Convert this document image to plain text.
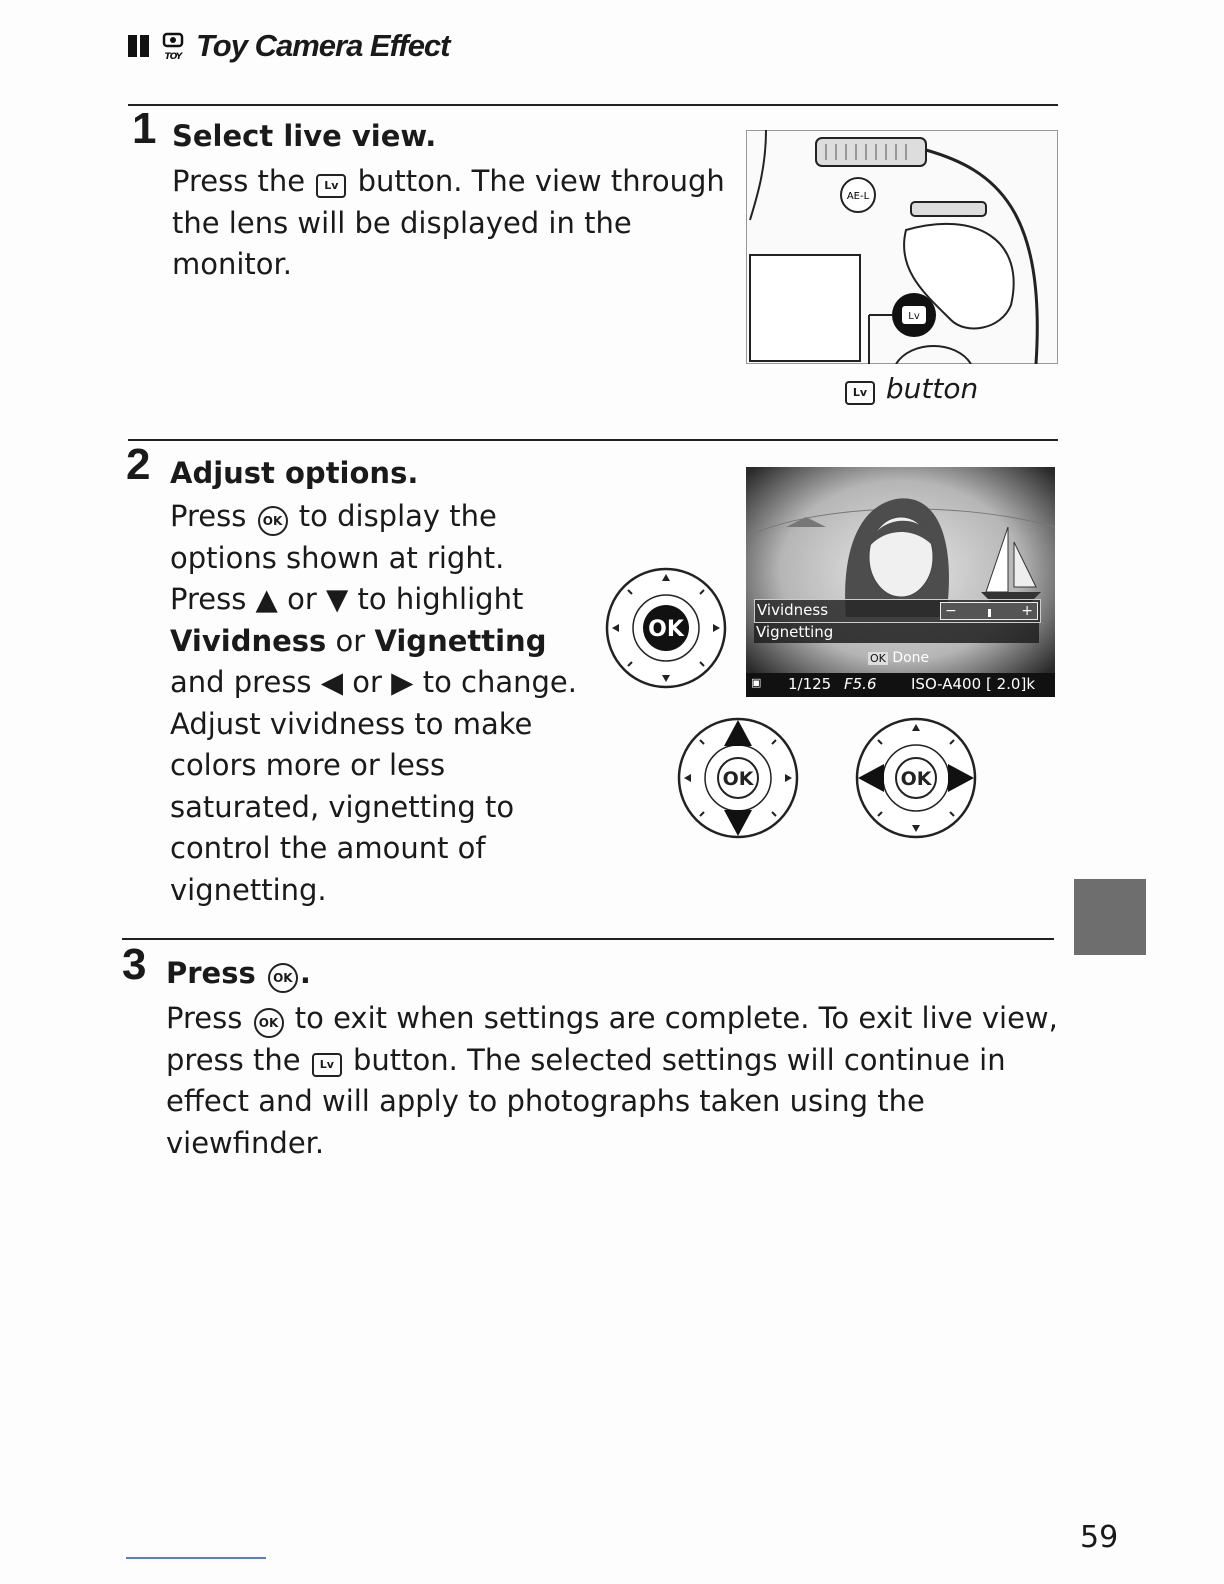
TOY Toy Camera Effect
1 Select live view.
Press the Lv button. The view through
the lens will be displayed in the
monitor.
AE-L
Lv
Lv button
2 Adjust options.
Press OK to display the
options shown at right.
Press ▲ or ▼ to highlight
Vividness or Vignetting
and press ◀ or ▶ to change.
Adjust vividness to make
colors more or less
saturated, vignetting to
control the amount of
vignetting.
OK
Vividness	−	+
Vignetting
OK Done
▣ 1/125 F5.6 ISO-A400 [ 2.0]k
OK	OK
3 Press OK .
Press OK to exit when settings are complete. To exit live view,
press the Lv button. The selected settings will continue in
effect and will apply to photographs taken using the
viewfinder.
59
